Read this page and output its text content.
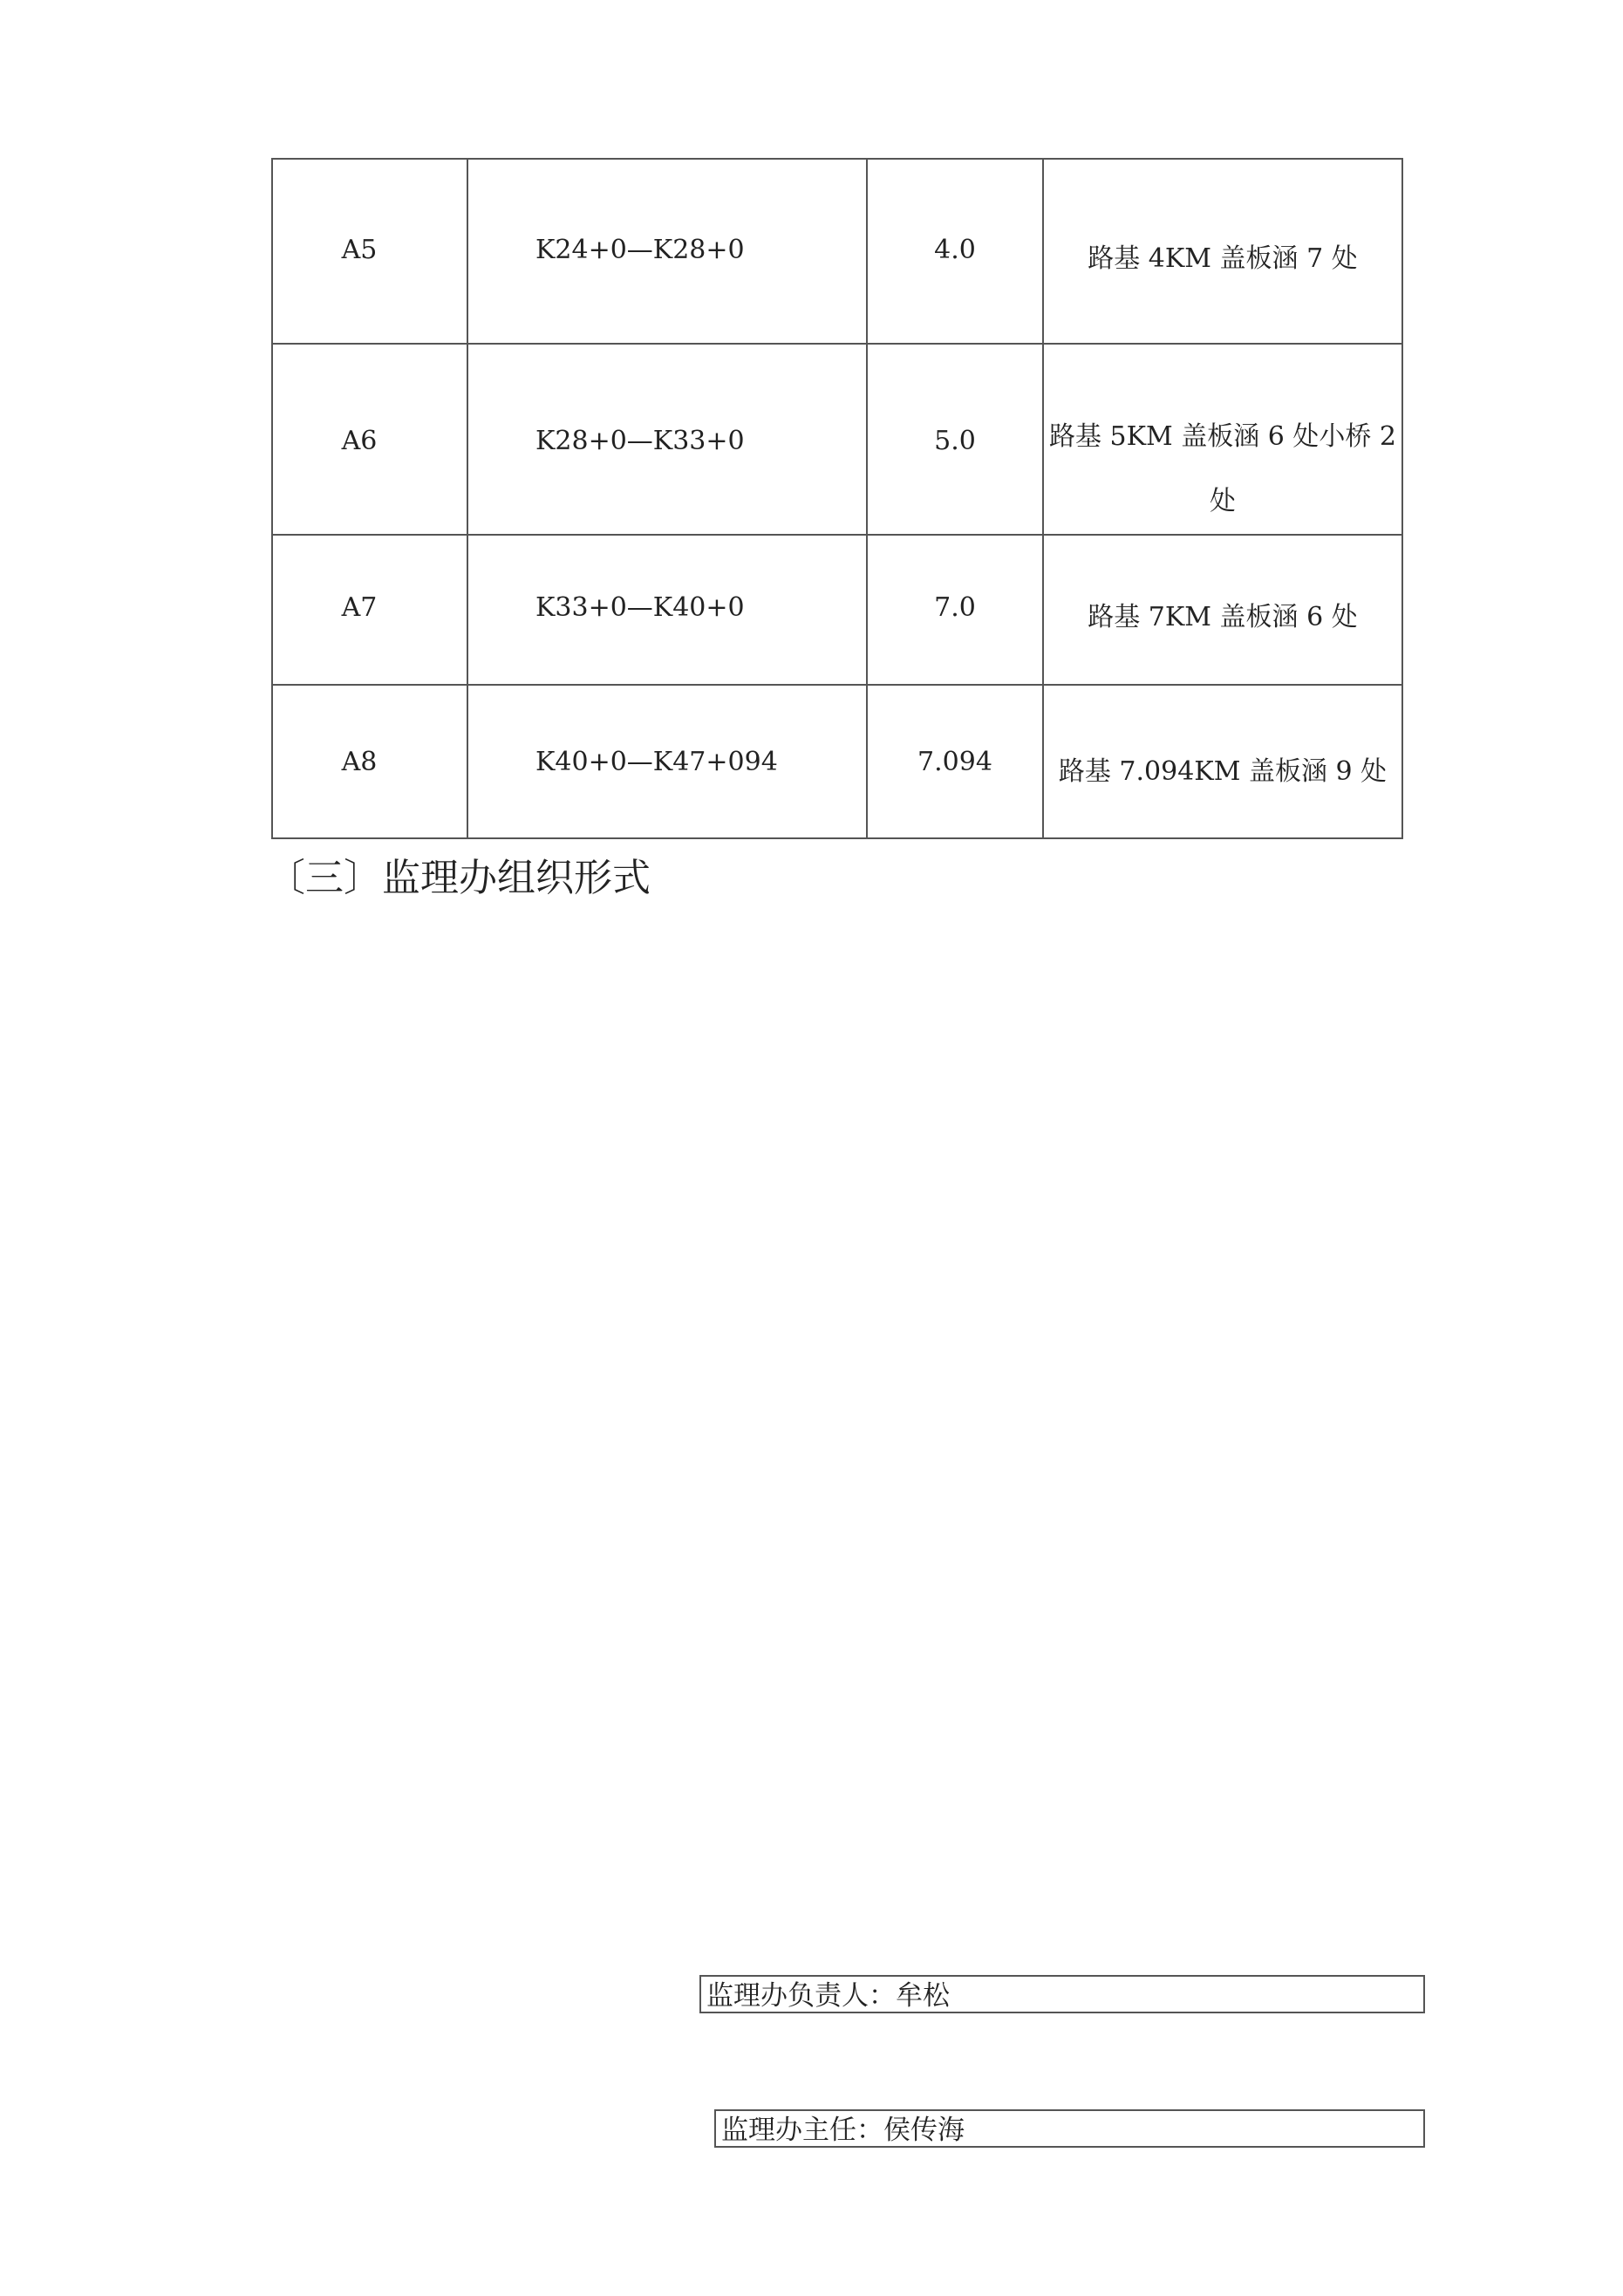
A5	K24+0—K28+0	4.0	路基 4KM 盖板涵 7 处

A6	K28+0—K33+0	5.0	路基 5KM 盖板涵 6 处小桥 2 处

A7	K33+0—K40+0	7.0	路基 7KM 盖板涵 6 处

A8	K40+0—K47+094	7.094	路基 7.094KM 盖板涵 9 处
〔三〕监理办组织形式
监理办负责人：牟松
监理办主任：侯传海
